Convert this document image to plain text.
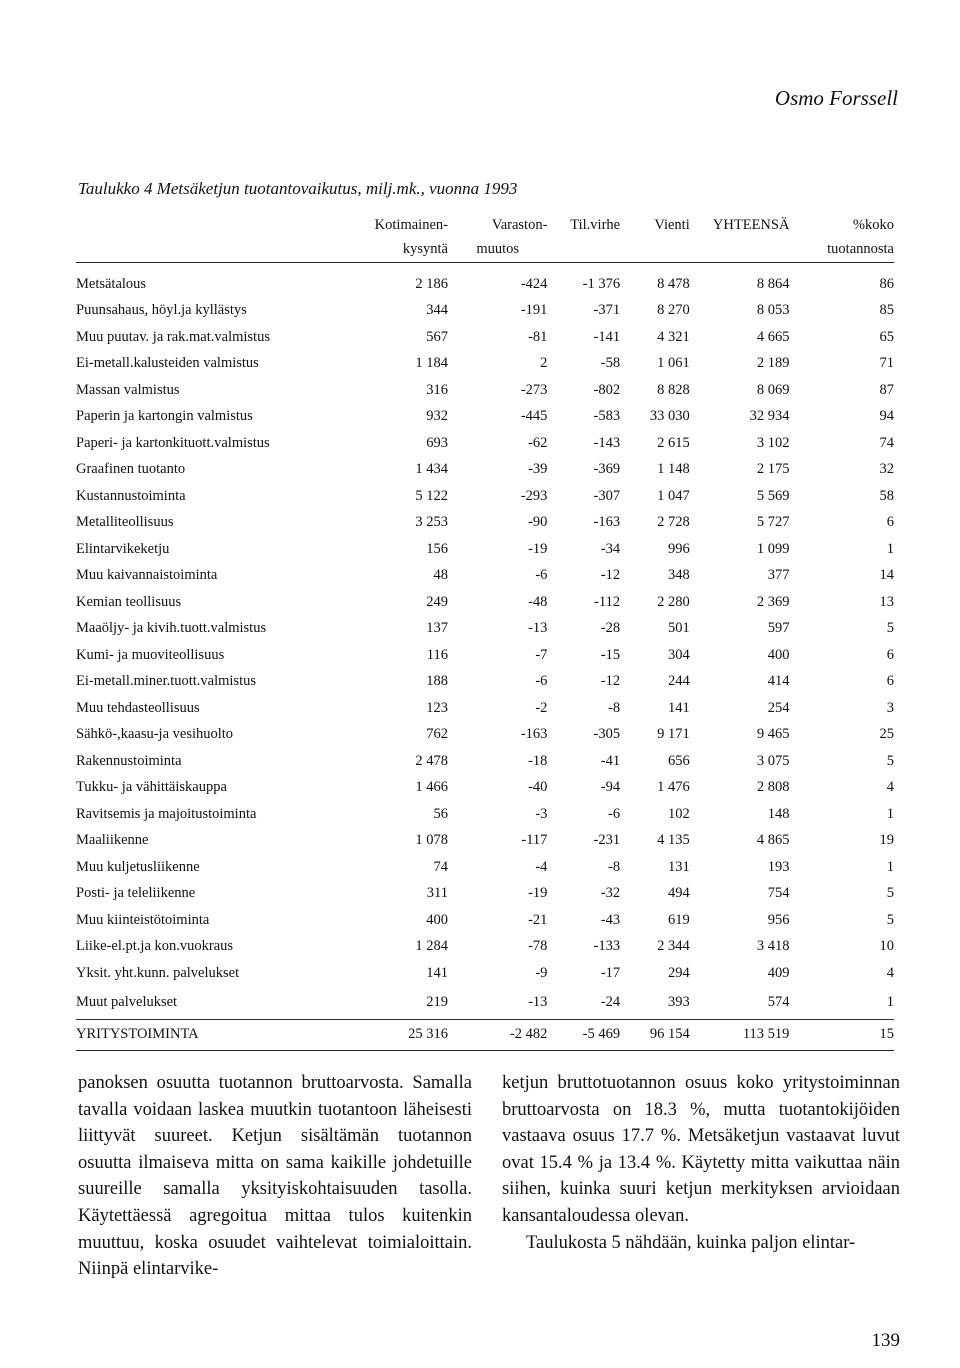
Osmo Forssell
Taulukko 4 Metsäketjun tuotantovaikutus, milj.mk., vuonna 1993
	Kotimainen-	Varaston-	Til.virhe	Vienti	YHTEENSÄ	%koko
	kysyntä	muutos				tuotannosta

Metsätalous	2 186	-424	-1 376	8 478	8 864	86
Puunsahaus, höyl.ja kyllästys	344	-191	-371	8 270	8 053	85
Muu puutav. ja rak.mat.valmistus	567	-81	-141	4 321	4 665	65
Ei-metall.kalusteiden valmistus	1 184	2	-58	1 061	2 189	71
Massan valmistus	316	-273	-802	8 828	8 069	87
Paperin ja kartongin valmistus	932	-445	-583	33 030	32 934	94
Paperi- ja kartonkituott.valmistus	693	-62	-143	2 615	3 102	74
Graafinen tuotanto	1 434	-39	-369	1 148	2 175	32
Kustannustoiminta	5 122	-293	-307	1 047	5 569	58
Metalliteollisuus	3 253	-90	-163	2 728	5 727	6
Elintarvikeketju	156	-19	-34	996	1 099	1
Muu kaivannaistoiminta	48	-6	-12	348	377	14
Kemian teollisuus	249	-48	-112	2 280	2 369	13
Maaöljy- ja kivih.tuott.valmistus	137	-13	-28	501	597	5
Kumi- ja muoviteollisuus	116	-7	-15	304	400	6
Ei-metall.miner.tuott.valmistus	188	-6	-12	244	414	6
Muu tehdasteollisuus	123	-2	-8	141	254	3
Sähkö-,kaasu-ja vesihuolto	762	-163	-305	9 171	9 465	25
Rakennustoiminta	2 478	-18	-41	656	3 075	5
Tukku- ja vähittäiskauppa	1 466	-40	-94	1 476	2 808	4
Ravitsemis ja majoitustoiminta	56	-3	-6	102	148	1
Maaliikenne	1 078	-117	-231	4 135	4 865	19
Muu kuljetusliikenne	74	-4	-8	131	193	1
Posti- ja teleliikenne	311	-19	-32	494	754	5
Muu kiinteistötoiminta	400	-21	-43	619	956	5
Liike-el.pt.ja kon.vuokraus	1 284	-78	-133	2 344	3 418	10
Yksit. yht.kunn. palvelukset	141	-9	-17	294	409	4
Muut palvelukset	219	-13	-24	393	574	1
YRITYSTOIMINTA	25 316	-2 482	-5 469	96 154	113 519	15

panoksen osuutta tuotannon bruttoarvosta. Samalla tavalla voidaan laskea muutkin tuotantoon läheisesti liittyvät suureet. Ketjun sisältämän tuotannon osuutta ilmaiseva mitta on sama kaikille johdetuille suureille samalla yksityiskohtaisuuden tasolla. Käytettäessä agregoitua mittaa tulos kuitenkin muuttuu, koska osuudet vaihtelevat toimialoittain. Niinpä elintarvike-

ketjun bruttotuotannon osuus koko yritystoiminnan bruttoarvosta on 18.3 %, mutta tuotantokijöiden vastaava osuus 17.7 %. Metsäketjun vastaavat luvut ovat 15.4 % ja 13.4 %. Käytetty mitta vaikuttaa näin siihen, kuinka suuri ketjun merkityksen arvioidaan kansantaloudessa olevan.

Taulukosta 5 nähdään, kuinka paljon elintar-

139
